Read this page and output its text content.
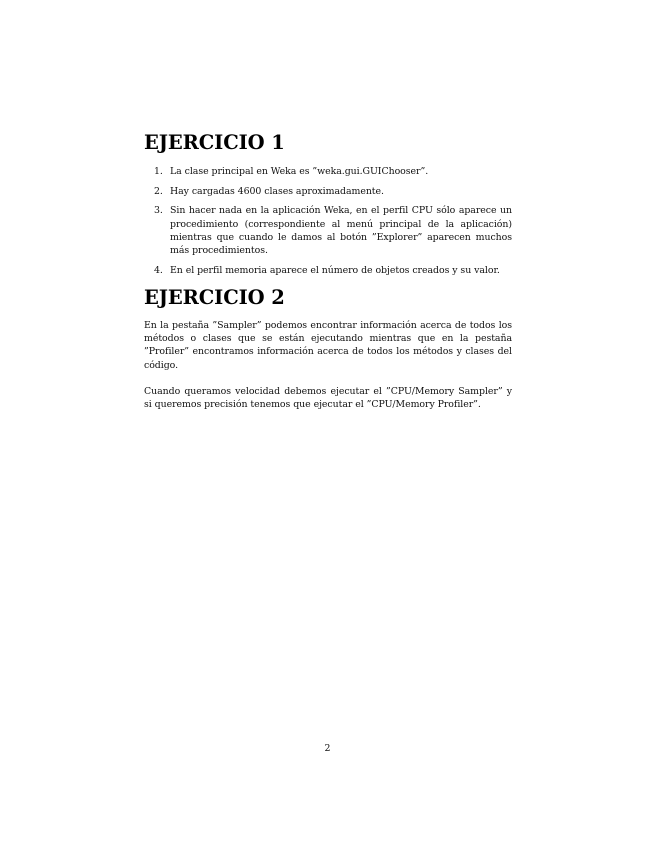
EJERCICIO 1
1. La clase principal en Weka es ”weka.gui.GUIChooser”.
2. Hay cargadas 4600 clases aproximadamente.
3. Sin hacer nada en la aplicación Weka, en el perfil CPU sólo aparece un procedimiento (correspondiente al menú principal de la aplicación) mientras que cuando le damos al botón ”Explorer” aparecen muchos más procedimientos.
4. En el perfil memoria aparece el número de objetos creados y su valor.
EJERCICIO 2

En la pestaña ”Sampler” podemos encontrar información acerca de todos los métodos o clases que se están ejecutando mientras que en la pestaña ”Profiler” encontramos información acerca de todos los métodos y clases del código.

Cuando queramos velocidad debemos ejecutar el ”CPU/Memory Sampler” y si queremos precisión tenemos que ejecutar el ”CPU/Memory Profiler”.

2
